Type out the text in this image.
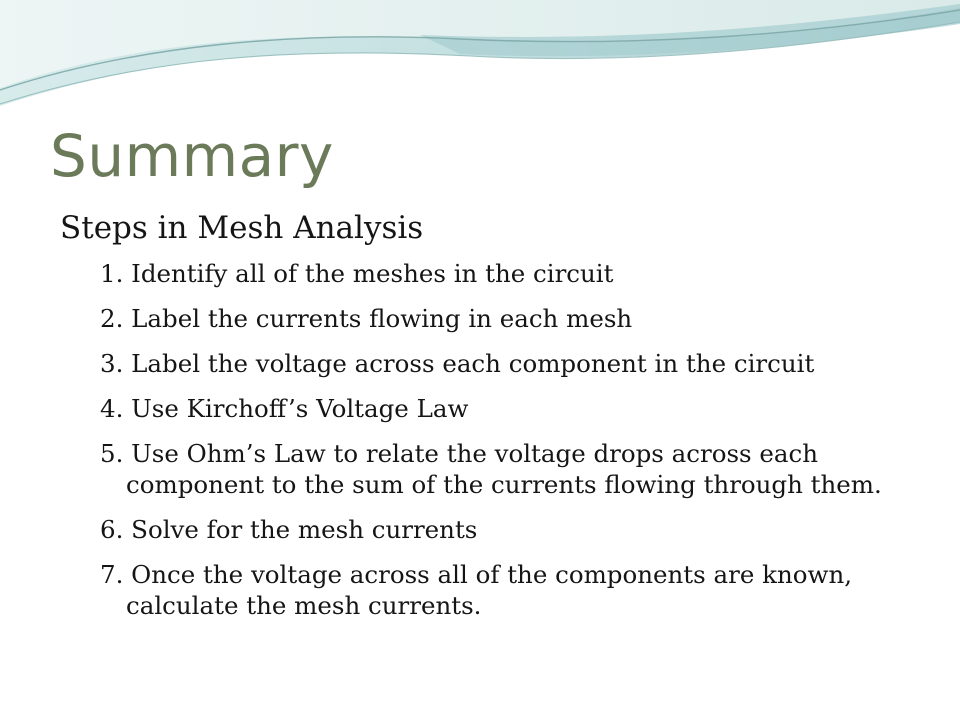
Summary
Steps in Mesh Analysis
1. Identify all of the meshes in the circuit
2. Label the currents flowing in each mesh
3. Label the voltage across each component in the circuit
4. Use Kirchoff’s Voltage Law
5. Use Ohm’s Law to relate the voltage drops across each component to the sum of the currents flowing through them.
6. Solve for the mesh currents
7. Once the voltage across all of the components are known, calculate the mesh currents.
